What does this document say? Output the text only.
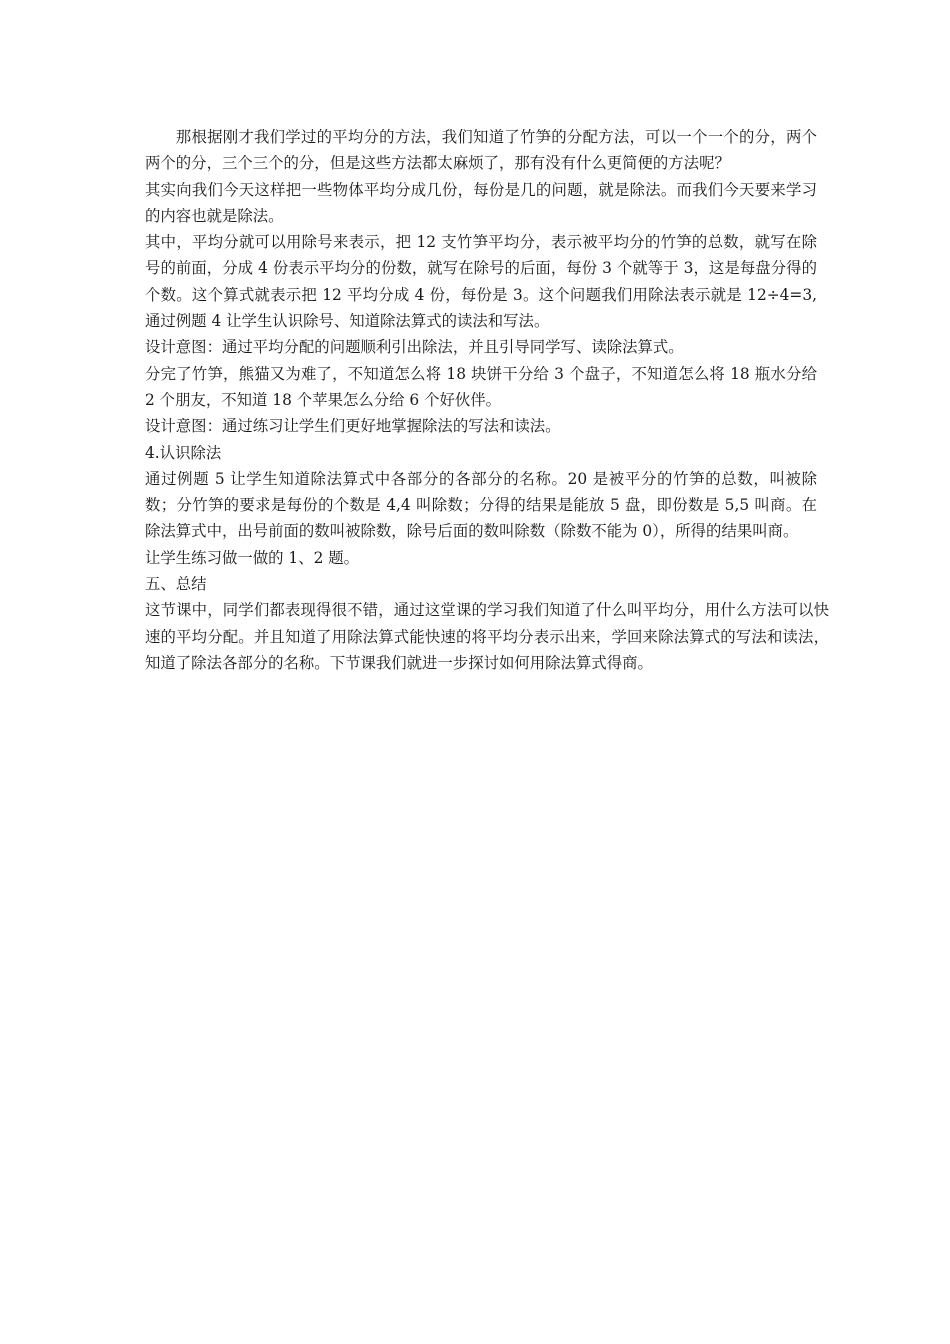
那根据刚才我们学过的平均分的方法，我们知道了竹笋的分配方法，可以一个一个的分，两个两个的分，三个三个的分，但是这些方法都太麻烦了，那有没有什么更简便的方法呢？

其实向我们今天这样把一些物体平均分成几份，每份是几的问题，就是除法。而我们今天要来学习的内容也就是除法。

其中，平均分就可以用除号来表示，把 12 支竹笋平均分，表示被平均分的竹笋的总数，就写在除号的前面，分成 4 份表示平均分的份数，就写在除号的后面，每份 3 个就等于 3，这是每盘分得的个数。这个算式就表示把 12 平均分成 4 份，每份是 3。这个问题我们用除法表示就是 12÷4=3,通过例题 4 让学生认识除号、知道除法算式的读法和写法。

设计意图：通过平均分配的问题顺利引出除法，并且引导同学写、读除法算式。

分完了竹笋，熊猫又为难了，不知道怎么将 18 块饼干分给 3 个盘子，不知道怎么将 18 瓶水分给 2 个朋友，不知道 18 个苹果怎么分给 6 个好伙伴。

设计意图：通过练习让学生们更好地掌握除法的写法和读法。

4.认识除法

通过例题 5 让学生知道除法算式中各部分的各部分的名称。20 是被平分的竹笋的总数，叫被除数；分竹笋的要求是每份的个数是 4,4 叫除数；分得的结果是能放 5 盘，即份数是 5,5 叫商。在除法算式中，出号前面的数叫被除数，除号后面的数叫除数（除数不能为 0），所得的结果叫商。

让学生练习做一做的 1、2 题。

五、总结

这节课中，同学们都表现得很不错，通过这堂课的学习我们知道了什么叫平均分，用什么方法可以快速的平均分配。并且知道了用除法算式能快速的将平均分表示出来，学回来除法算式的写法和读法，知道了除法各部分的名称。下节课我们就进一步探讨如何用除法算式得商。
